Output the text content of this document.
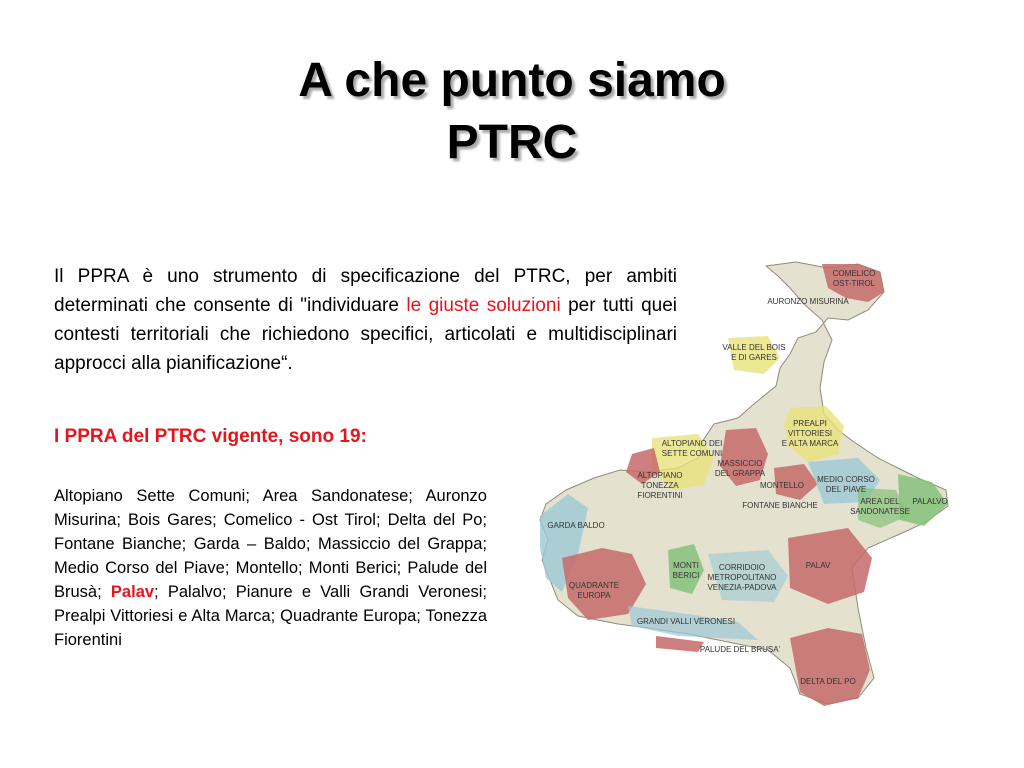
A che punto siamo
PTRC
Il PPRA è uno strumento di specificazione del PTRC, per ambiti determinati che consente di "individuare le giuste soluzioni per tutti quei contesti territoriali che richiedono specifici, articolati e multidisciplinari approcci alla pianificazione“.
I PPRA del PTRC vigente, sono 19:
Altopiano Sette Comuni; Area Sandonatese; Auronzo Misurina; Bois Gares; Comelico - Ost Tirol; Delta del Po; Fontane Bianche; Garda – Baldo; Massiccio del Grappa; Medio Corso del Piave; Montello; Monti Berici; Palude del Brusà; Palav; Palalvo; Pianure e Valli Grandi Veronesi; Prealpi Vittoriesi e Alta Marca; Quadrante Europa; Tonezza Fiorentini
COMELICO OST-TIROL
AURONZO MISURINA
VALLE DEL BOIS E DI GARES
PREALPI VITTORIESI E ALTA MARCA
ALTOPIANO DEI SETTE COMUNI
MASSICCIO DEL GRAPPA
ALTOPIANO TONEZZA FIORENTINI
MONTELLO
MEDIO CORSO DEL PIAVE
FONTANE BIANCHE	AREA DEL SANDONATESE
PALALVO
GARDA BALDO
MONTI BERICI
CORRIDOIO METROPOLITANO VENEZIA-PADOVA
PALAV
QUADRANTE EUROPA
GRANDI VALLI VERONESI
PALUDE DEL BRUSA'
DELTA DEL PO
